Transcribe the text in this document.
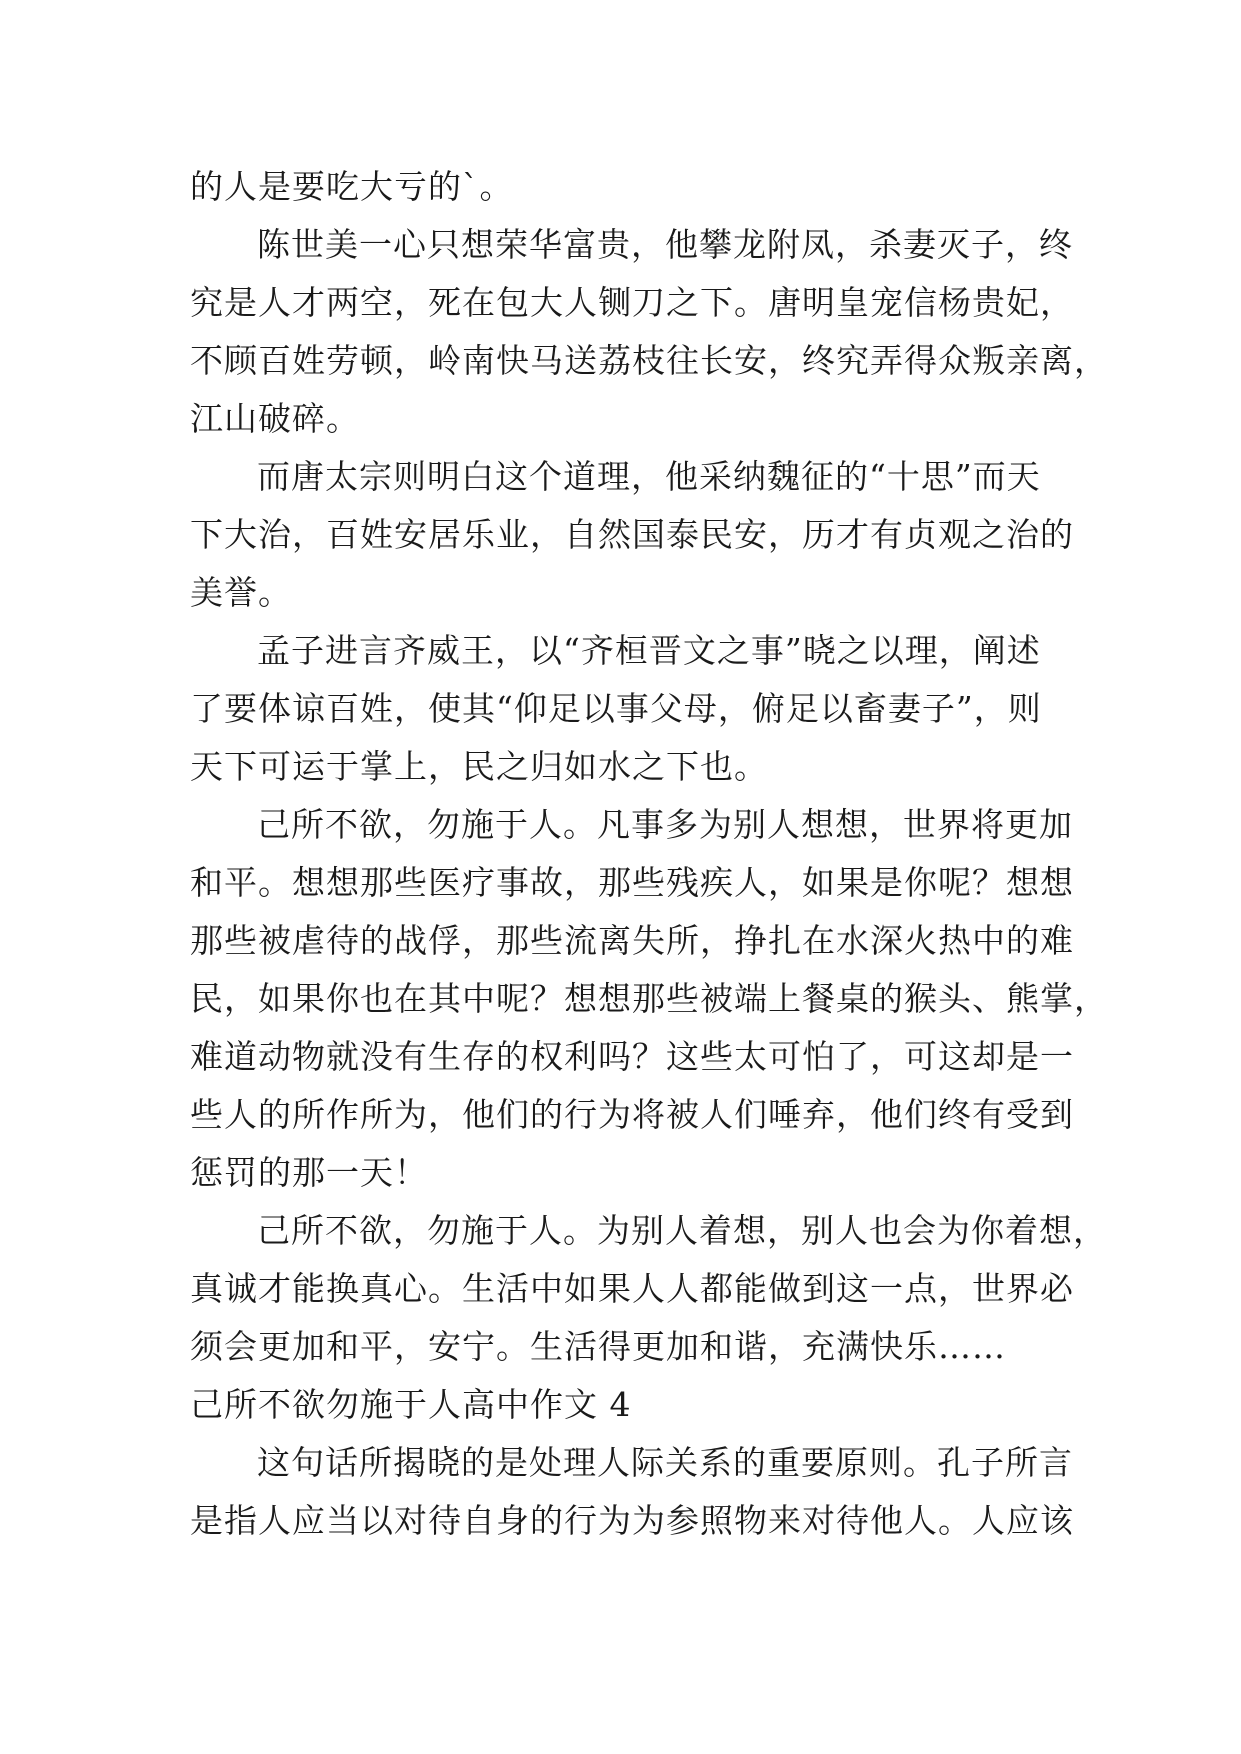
的人是要吃大亏的`。
陈世美一心只想荣华富贵，他攀龙附凤，杀妻灭子，终
究是人才两空，死在包大人铡刀之下。唐明皇宠信杨贵妃，
不顾百姓劳顿，岭南快马送荔枝往长安，终究弄得众叛亲离，
江山破碎。
而唐太宗则明白这个道理，他采纳魏征的“十思”而天
下大治，百姓安居乐业，自然国泰民安，历才有贞观之治的
美誉。
孟子进言齐威王，以“齐桓晋文之事”晓之以理，阐述
了要体谅百姓，使其“仰足以事父母，俯足以畜妻子”，则
天下可运于掌上，民之归如水之下也。
己所不欲，勿施于人。凡事多为别人想想，世界将更加
和平。想想那些医疗事故，那些残疾人，如果是你呢？想想
那些被虐待的战俘，那些流离失所，挣扎在水深火热中的难
民，如果你也在其中呢？想想那些被端上餐桌的猴头、熊掌，
难道动物就没有生存的权利吗？这些太可怕了，可这却是一
些人的所作所为，他们的行为将被人们唾弃，他们终有受到
惩罚的那一天！
己所不欲，勿施于人。为别人着想，别人也会为你着想，
真诚才能换真心。生活中如果人人都能做到这一点，世界必
须会更加和平，安宁。生活得更加和谐，充满快乐……
己所不欲勿施于人高中作文 4
这句话所揭晓的是处理人际关系的重要原则。孔子所言
是指人应当以对待自身的行为为参照物来对待他人。人应该
